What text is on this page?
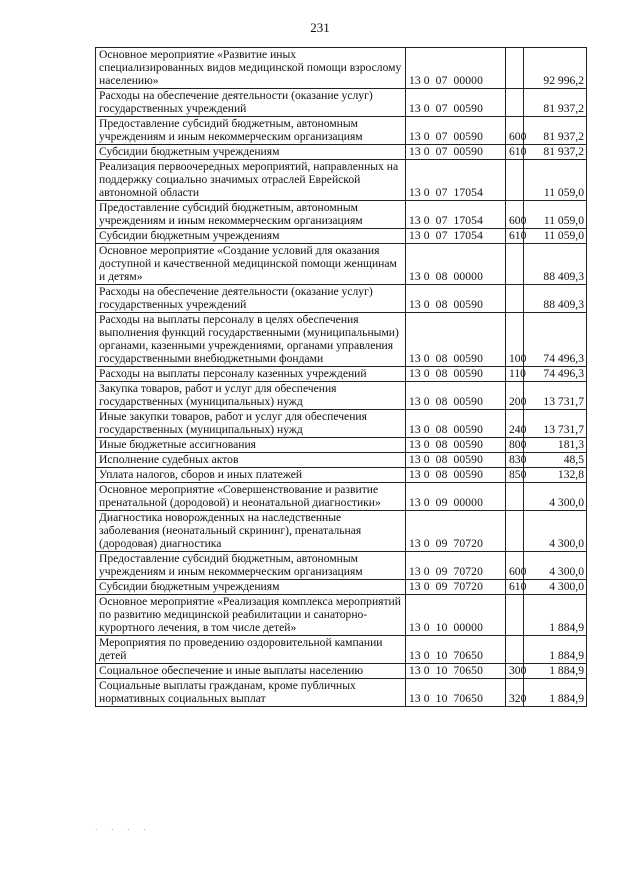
231
Основное мероприятие «Развитие иных специализированных видов медицинской помощи взрослому населению»	13 0  07  00000		92 996,2
Расходы на обеспечение деятельности (оказание услуг) государственных учреждений	13 0  07  00590		81 937,2
Предоставление субсидий бюджетным, автономным учреждениям и иным некоммерческим организациям	13 0  07  00590	600	81 937,2
Субсидии бюджетным учреждениям	13 0  07  00590	610	81 937,2
Реализация первоочередных мероприятий, направленных на поддержку социально значимых отраслей Еврейской автономной области	13 0  07  17054		11 059,0
Предоставление субсидий бюджетным, автономным учреждениям и иным некоммерческим организациям	13 0  07  17054	600	11 059,0
Субсидии бюджетным учреждениям	13 0  07  17054	610	11 059,0
Основное мероприятие «Создание условий для оказания доступной и качественной медицинской помощи женщинам и детям»	13 0  08  00000		88 409,3
Расходы на обеспечение деятельности (оказание услуг) государственных учреждений	13 0  08  00590		88 409,3
Расходы на выплаты персоналу в целях обеспечения выполнения функций государственными (муниципальными) органами, казенными учреждениями, органами управления государственными внебюджетными фондами	13 0  08  00590	100	74 496,3
Расходы на выплаты персоналу казенных учреждений	13 0  08  00590	110	74 496,3
Закупка товаров, работ и услуг для обеспечения государственных (муниципальных) нужд	13 0  08  00590	200	13 731,7
Иные закупки товаров, работ и услуг для обеспечения государственных (муниципальных) нужд	13 0  08  00590	240	13 731,7
Иные бюджетные ассигнования	13 0  08  00590	800	181,3
Исполнение судебных актов	13 0  08  00590	830	48,5
Уплата налогов, сборов и иных платежей	13 0  08  00590	850	132,8
Основное мероприятие «Совершенствование и развитие пренатальной (дородовой) и неонатальной диагностики»	13 0  09  00000		4 300,0
Диагностика новорожденных на наследственные заболевания (неонатальный скрининг), пренатальная (дородовая) диагностика	13 0  09  70720		4 300,0
Предоставление субсидий бюджетным, автономным учреждениям и иным некоммерческим организациям	13 0  09  70720	600	4 300,0
Субсидии бюджетным учреждениям	13 0  09  70720	610	4 300,0
Основное мероприятие «Реализация комплекса мероприятий по развитию медицинской реабилитации и санаторно-курортного лечения, в том числе детей»	13 0  10  00000		1 884,9
Мероприятия по проведению оздоровительной кампании детей	13 0  10  70650		1 884,9
Социальное обеспечение и иные выплаты населению	13 0  10  70650	300	1 884,9
Социальные выплаты гражданам, кроме публичных нормативных социальных выплат	13 0  10  70650	320	1 884,9
· · · ·
